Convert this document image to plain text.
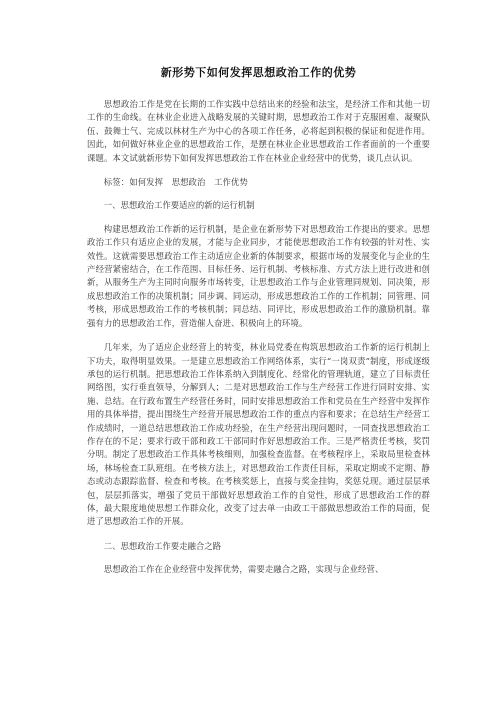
新形势下如何发挥思想政治工作的优势
思想政治工作是党在长期的工作实践中总结出来的经验和法宝，是经济工作和其他一切工作的生命线。在林业企业进入战略发展的关键时期，思想政治工作对于克服困难、凝聚队伍、鼓舞士气、完成以林材生产为中心的各项工作任务，必将起到积极的保证和促进作用。因此，如何做好林业企业的思想政治工作，是摆在林业企业思想政治工作者面前的一个重要课题。本文试就新形势下如何发挥思想政治工作在林业企业经营中的优势，谈几点认识。
标签：如何发挥　思想政治　工作优势
一、思想政治工作要适应的新的运行机制
构建思想政治工作新的运行机制，是企业在新形势下对思想政治工作提出的要求。思想政治工作只有适应企业的发展，才能与企业同步，才能使思想政治工作有较强的针对性、实效性。这就需要思想政治工作主动适应企业新的体制要求，根据市场的发展变化与企业的生产经营紧密结合，在工作范围、目标任务、运行机制、考核标准、方式方法上进行改进和创新，从服务生产为主同时向服务市场转变，让思想政治工作与企业管理同规划、同决策，形成思想政治工作的决策机制；同步调、同运动，形成思想政治工作的工作机制；同管理、同考核，形成思想政治工作的考核机制；同总结、同评比，形成思想政治工作的激励机制。靠强有力的思想政治工作，营造催人奋进、积极向上的环境。
几年来，为了适应企业经营上的转变，林业局党委在构筑思想政治工作新的运行机制上下功夫，取得明显效果。一是建立思想政治工作网络体系，实行“一岗双责”制度，形成逐级承包的运行机制。把思想政治工作体系纳入到制度化、经常化的管理轨道，建立了目标责任网络图，实行垂直领导，分解到人；二是对思想政治工作与生产经营工作进行同时安排、实施、总结。在行政布置生产经营任务时，同时安排思想政治工作和党员在生产经营中发挥作用的具体举措，提出围绕生产经营开展思想政治工作的重点内容和要求；在总结生产经营工作成绩时，一道总结思想政治工作成功经验，在生产经营出现问题时，一同查找思想政治工作存在的不足；要求行政干部和政工干部同时作好思想政治工作。三是严格责任考核，奖罚分明。制定了思想政治工作具体考核细则，加强检查监督。在考核程序上，采取局里检查林场，林场检查工队班组。在考核方法上，对思想政治工作责任目标，采取定期或不定期、静态或动态跟踪监督、检查和考核。在考核奖惩上，直接与奖金挂钩，奖惩兑现。通过层层承包，层层抓落实，增强了党员干部做好思想政治工作的自觉性，形成了思想政治工作的群体，最大限度地使思想工作群众化，改变了过去单一由政工干部做思想政治工作的局面，促进了思想政治工作的开展。
二、思想政治工作要走融合之路
思想政治工作在企业经营中发挥优势，需要走融合之路，实现与企业经营、
